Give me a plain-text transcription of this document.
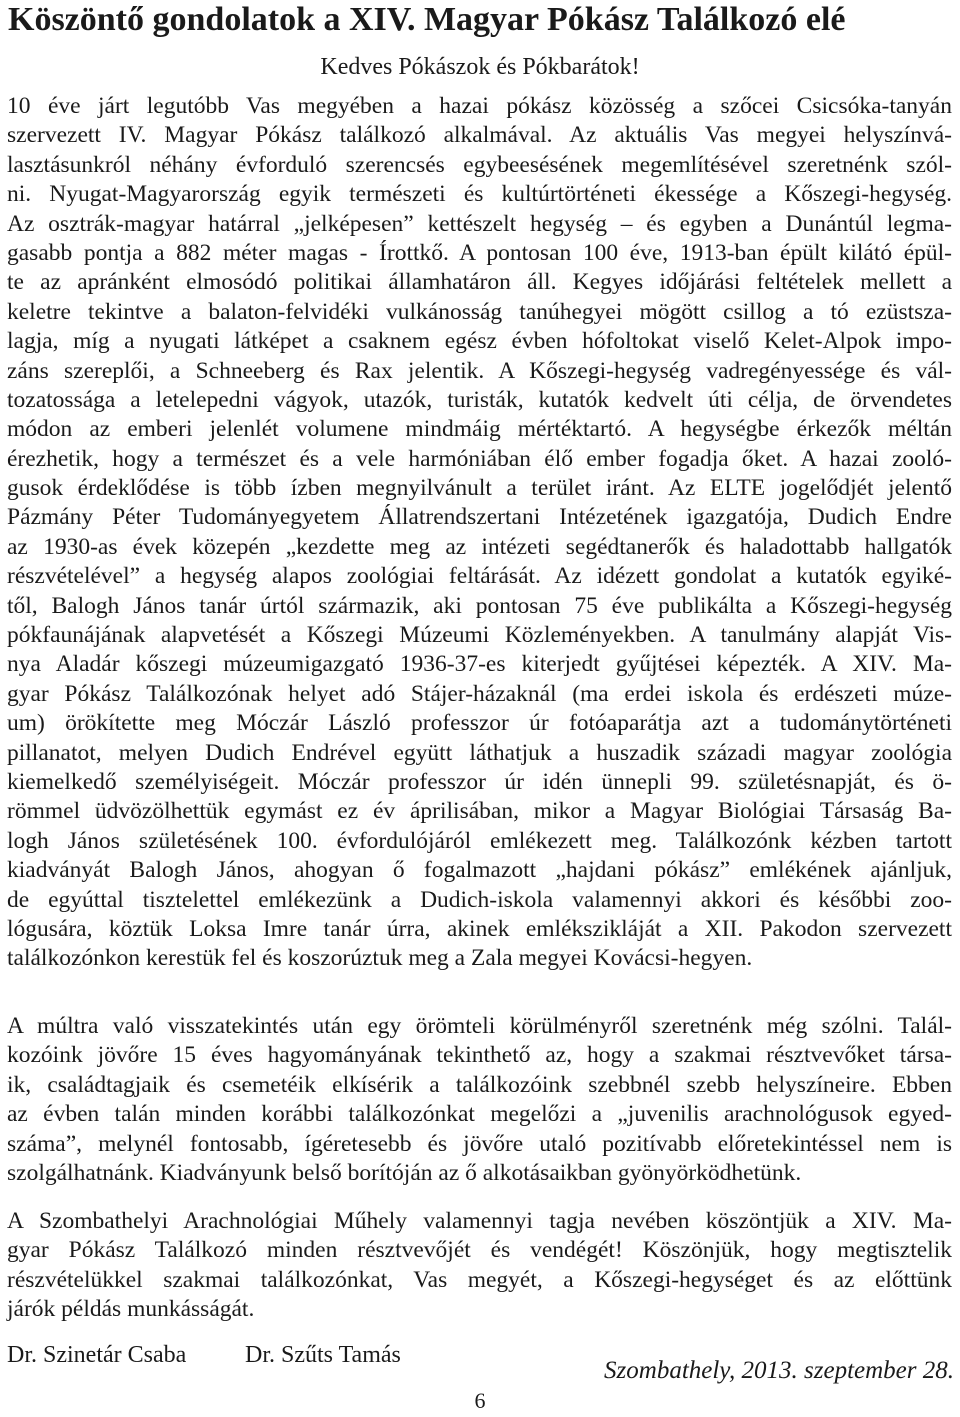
Köszöntő gondolatok a XIV. Magyar Pókász Találkozó elé
Kedves Pókászok és Pókbarátok!
10 éve járt legutóbb Vas megyében a hazai pókász közösség a szőcei Csicsóka-tanyán
szervezett IV. Magyar Pókász találkozó alkalmával. Az aktuális Vas megyei helyszínvá-
lasztásunkról néhány évforduló szerencsés egybeesésének megemlítésével szeretnénk szól-
ni. Nyugat-Magyarország egyik természeti és kultúrtörténeti ékessége a Kőszegi-hegység.
Az osztrák-magyar határral „jelképesen” kettészelt hegység – és egyben a Dunántúl legma-
gasabb pontja a 882 méter magas - Írottkő. A pontosan 100 éve, 1913-ban épült kilátó épül-
te az apránként elmosódó politikai államhatáron áll. Kegyes időjárási feltételek mellett a
keletre tekintve a balaton-felvidéki vulkánosság tanúhegyei mögött csillog a tó ezüstsza-
lagja, míg a nyugati látképet a csaknem egész évben hófoltokat viselő Kelet-Alpok impo-
záns szereplői, a Schneeberg és Rax jelentik. A Kőszegi-hegység vadregényessége és vál-
tozatossága a letelepedni vágyok, utazók, turisták, kutatók kedvelt úti célja, de örvendetes
módon az emberi jelenlét volumene mindmáig mértéktartó. A hegységbe érkezők méltán
érezhetik, hogy a természet és a vele harmóniában élő ember fogadja őket. A hazai zooló-
gusok érdeklődése is több ízben megnyilvánult a terület iránt. Az ELTE jogelődjét jelentő
Pázmány Péter Tudományegyetem Állatrendszertani Intézetének igazgatója, Dudich Endre
az 1930-as évek közepén „kezdette meg az intézeti segédtanerők és haladottabb hallgatók
részvételével” a hegység alapos zoológiai feltárását. Az idézett gondolat a kutatók egyiké-
től, Balogh János tanár úrtól származik, aki pontosan 75 éve publikálta a Kőszegi-hegység
pókfaunájának alapvetését a Kőszegi Múzeumi Közleményekben. A tanulmány alapját Vis-
nya Aladár kőszegi múzeumigazgató 1936-37-es kiterjedt gyűjtései képezték. A XIV. Ma-
gyar Pókász Találkozónak helyet adó Stájer-házaknál (ma erdei iskola és erdészeti múze-
um) örökítette meg Móczár László professzor úr fotóaparátja azt a tudománytörténeti
pillanatot, melyen Dudich Endrével együtt láthatjuk a huszadik századi magyar zoológia
kiemelkedő személyiségeit. Móczár professzor úr idén ünnepli 99. születésnapját, és ö-
römmel üdvözölhettük egymást ez év áprilisában, mikor a Magyar Biológiai Társaság Ba-
logh János születésének 100. évfordulójáról emlékezett meg. Találkozónk kézben tartott
kiadványát Balogh János, ahogyan ő fogalmazott „hajdani pókász” emlékének ajánljuk,
de egyúttal tisztelettel emlékezünk a Dudich-iskola valamennyi akkori és későbbi zoo-
lógusára, köztük Loksa Imre tanár úrra, akinek emlékszikláját a XII. Pakodon szervezett
találkozónkon kerestük fel és koszorúztuk meg a Zala megyei Kovácsi-hegyen.
A múltra való visszatekintés után egy örömteli körülményről szeretnénk még szólni. Talál-
kozóink jövőre 15 éves hagyományának tekinthető az, hogy a szakmai résztvevőket társa-
ik, családtagjaik és csemetéik elkísérik a találkozóink szebbnél szebb helyszíneire. Ebben
az évben talán minden korábbi találkozónkat megelőzi a „juvenilis arachnológusok egyed-
száma”, melynél fontosabb, ígéretesebb és jövőre utaló pozitívabb előretekintéssel nem is
szolgálhatnánk. Kiadványunk belső borítóján az ő alkotásaikban gyönyörködhetünk.
A Szombathelyi Arachnológiai Műhely valamennyi tagja nevében köszöntjük a XIV. Ma-
gyar Pókász Találkozó minden résztvevőjét és vendégét! Köszönjük, hogy megtisztelik
részvételükkel szakmai találkozónkat, Vas megyét, a Kőszegi-hegységet és az előttünk
járók példás munkásságát.
Dr. Szinetár Csaba Dr. Szűts Tamás
Szombathely, 2013. szeptember 28.
6
